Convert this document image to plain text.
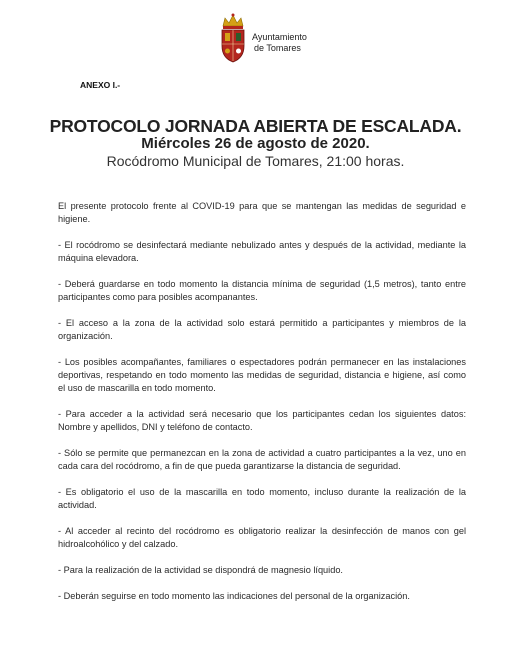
Ayuntamiento
de Tomares
ANEXO I.-
PROTOCOLO JORNADA ABIERTA DE ESCALADA.
Miércoles 26 de agosto de 2020.
Rocódromo Municipal de Tomares, 21:00 horas.

El presente protocolo frente al COVID-19 para que se mantengan las medidas de seguridad e higiene.

- El rocódromo se desinfectará mediante nebulizado antes y después de la actividad, mediante la máquina elevadora.

- Deberá guardarse en todo momento la distancia mínima de seguridad (1,5 metros), tanto entre participantes como para posibles acompanantes.

- El acceso a la zona de la actividad solo estará permitido a participantes y miembros de la organización.

- Los posibles acompañantes, familiares o espectadores podrán permanecer en las instalaciones deportivas, respetando en todo momento las medidas de seguridad, distancia e higiene, así como el uso de mascarilla en todo momento.

- Para acceder a la actividad será necesario que los participantes cedan los siguientes datos: Nombre y apellidos, DNI y teléfono de contacto.

- Sólo se permite que permanezcan en la zona de actividad a cuatro participantes a la vez, uno en cada cara del rocódromo, a fin de que pueda garantizarse la distancia de seguridad.

- Es obligatorio el uso de la mascarilla en todo momento, incluso durante la realización de la actividad.

- Al acceder al recinto del rocódromo es obligatorio realizar la desinfección de manos con gel hidroalcohólico y del calzado.

- Para la realización de la actividad se dispondrá de magnesio líquido.

- Deberán seguirse en todo momento las indicaciones del personal de la organización.
